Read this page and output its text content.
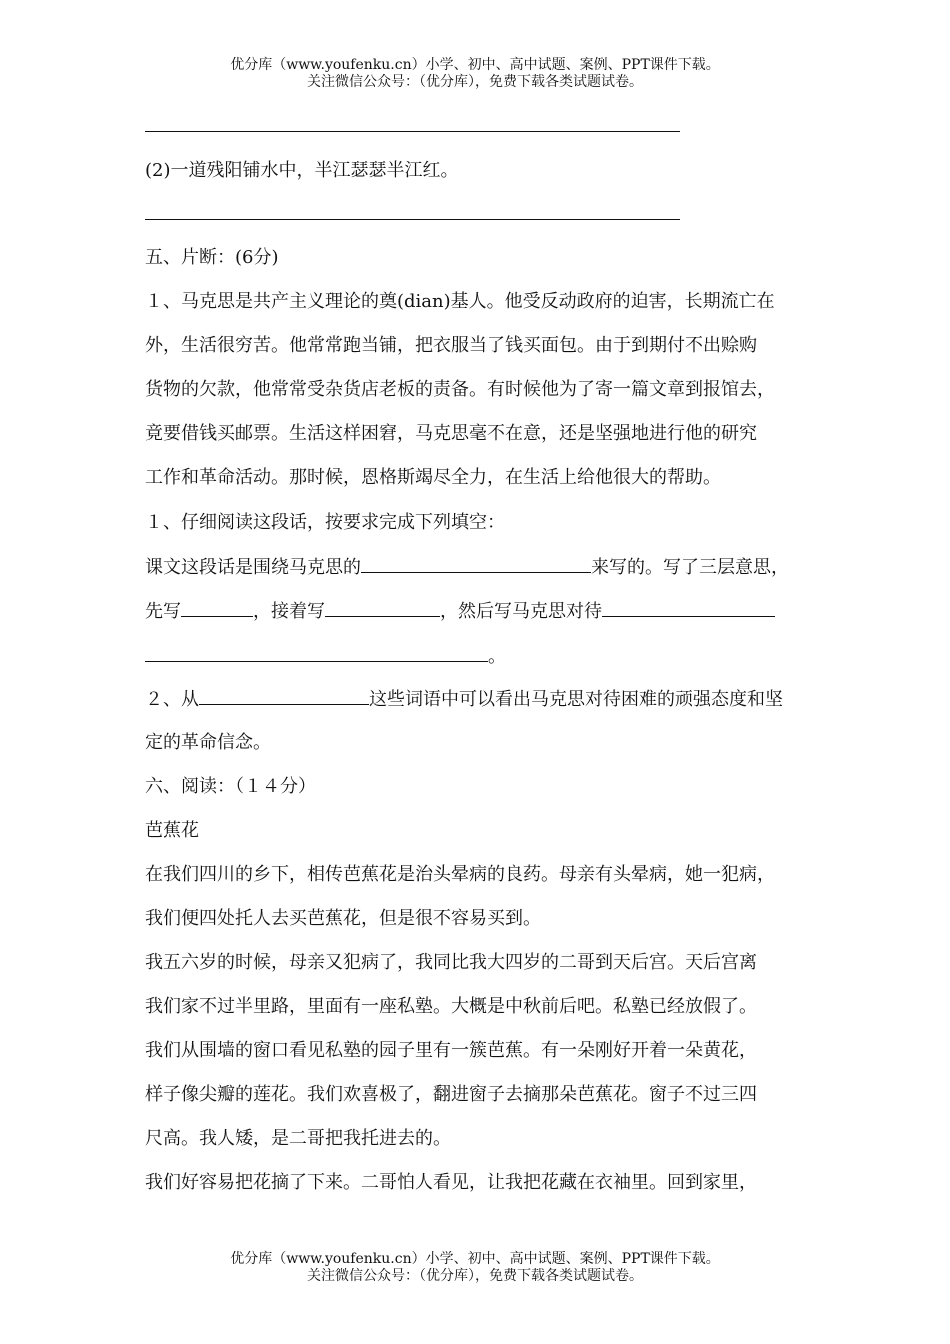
优分库（www.youfenku.cn）小学、初中、高中试题、案例、PPT课件下载。
关注微信公众号：（优分库），免费下载各类试题试卷。
(2)一道残阳铺水中，半江瑟瑟半江红。
五、片断：(6分)
１、马克思是共产主义理论的奠(dian)基人。他受反动政府的迫害，长期流亡在
外，生活很穷苦。他常常跑当铺，把衣服当了钱买面包。由于到期付不出赊购
货物的欠款，他常常受杂货店老板的责备。有时候他为了寄一篇文章到报馆去，
竟要借钱买邮票。生活这样困窘，马克思毫不在意，还是坚强地进行他的研究
工作和革命活动。那时候，恩格斯竭尽全力，在生活上给他很大的帮助。
１、仔细阅读这段话，按要求完成下列填空：
课文这段话是围绕马克思的	来写的。写了三层意思，
先写	，接着写	，然后写马克思对待
。
２、从	这些词语中可以看出马克思对待困难的顽强态度和坚
定的革命信念。
六、阅读：（１４分）
芭蕉花
在我们四川的乡下，相传芭蕉花是治头晕病的良药。母亲有头晕病，她一犯病，
我们便四处托人去买芭蕉花，但是很不容易买到。
我五六岁的时候，母亲又犯病了，我同比我大四岁的二哥到天后宫。天后宫离
我们家不过半里路，里面有一座私塾。大概是中秋前后吧。私塾已经放假了。
我们从围墙的窗口看见私塾的园子里有一簇芭蕉。有一朵刚好开着一朵黄花，
样子像尖瓣的莲花。我们欢喜极了，翻进窗子去摘那朵芭蕉花。窗子不过三四
尺高。我人矮，是二哥把我托进去的。
我们好容易把花摘了下来。二哥怕人看见，让我把花藏在衣袖里。回到家里，
优分库（www.youfenku.cn）小学、初中、高中试题、案例、PPT课件下载。
关注微信公众号：（优分库），免费下载各类试题试卷。
